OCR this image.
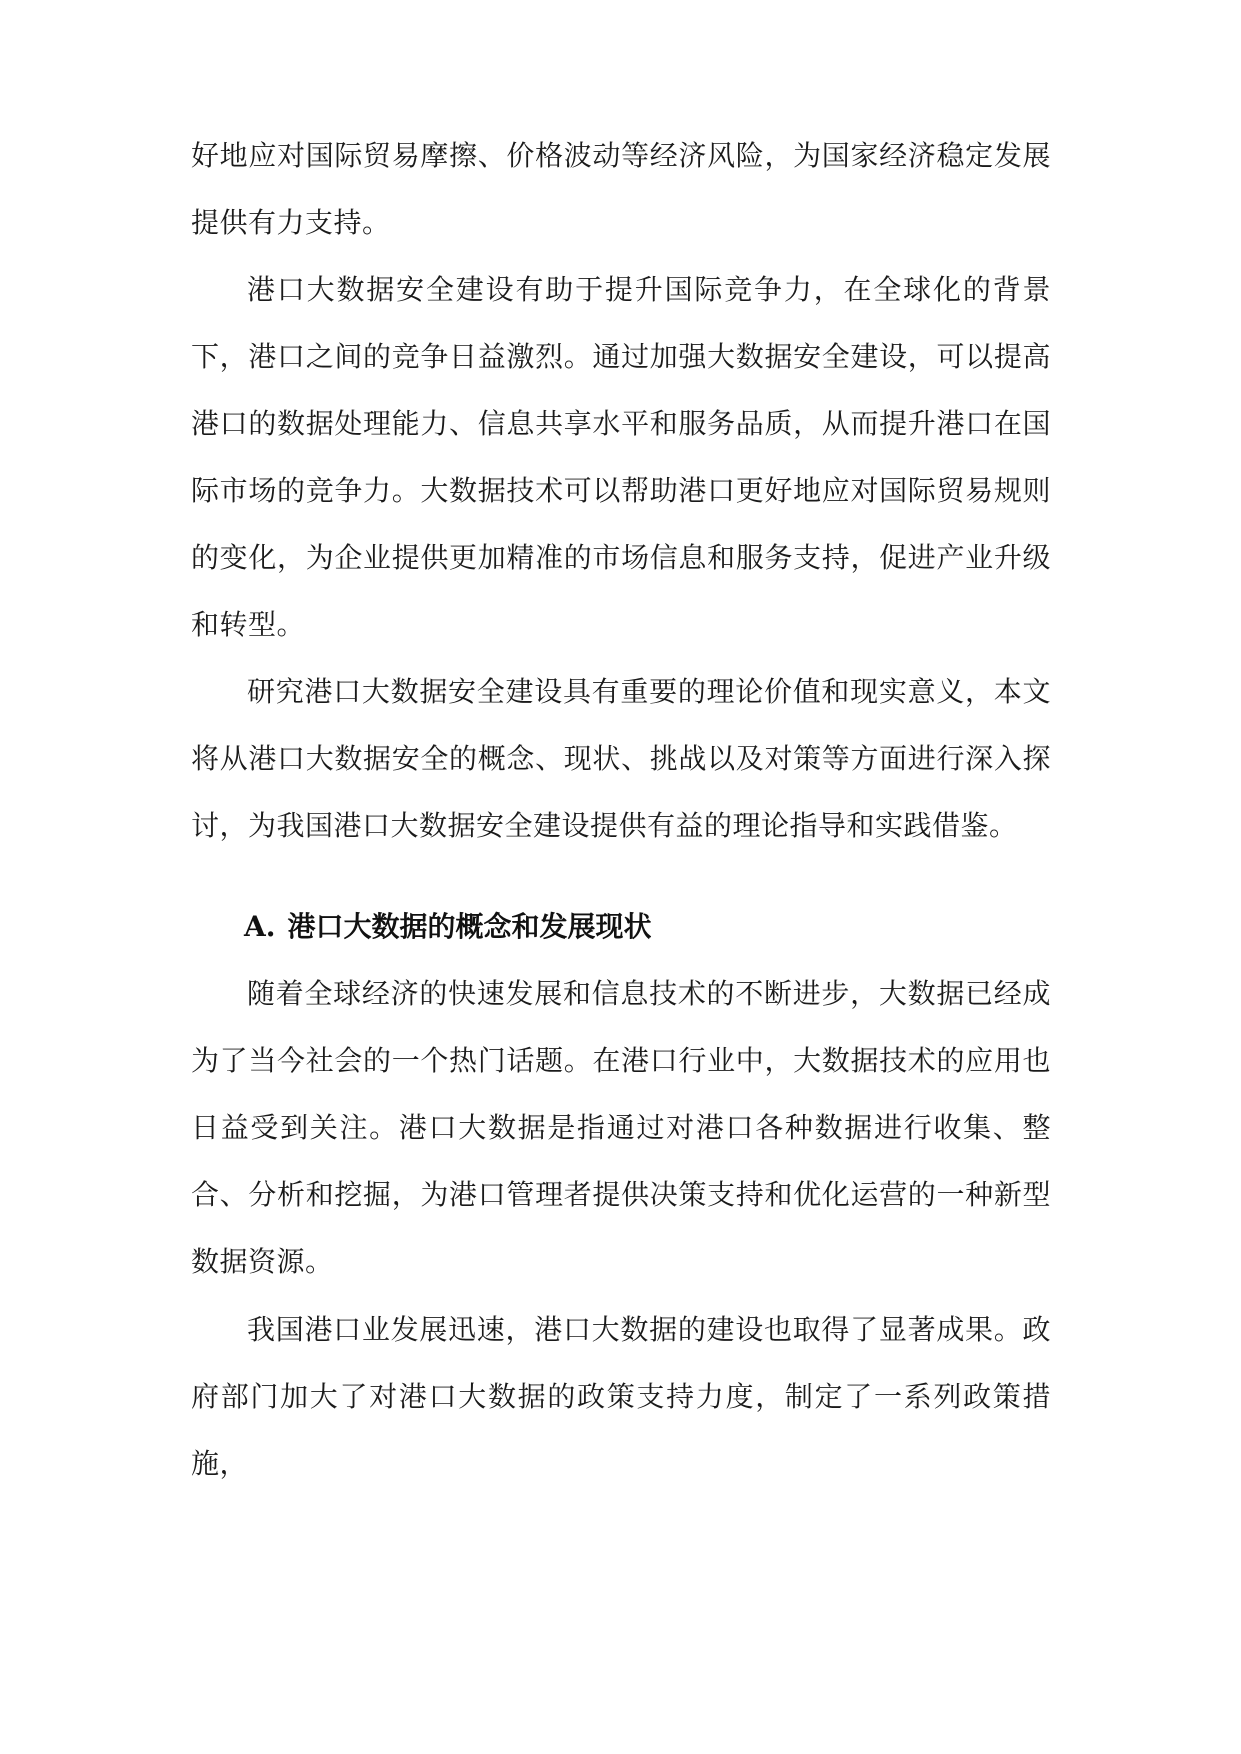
好地应对国际贸易摩擦、价格波动等经济风险，为国家经济稳定发展提供有力支持。

港口大数据安全建设有助于提升国际竞争力，在全球化的背景下，港口之间的竞争日益激烈。通过加强大数据安全建设，可以提高港口的数据处理能力、信息共享水平和服务品质，从而提升港口在国际市场的竞争力。大数据技术可以帮助港口更好地应对国际贸易规则的变化，为企业提供更加精准的市场信息和服务支持，促进产业升级和转型。

研究港口大数据安全建设具有重要的理论价值和现实意义，本文将从港口大数据安全的概念、现状、挑战以及对策等方面进行深入探讨，为我国港口大数据安全建设提供有益的理论指导和实践借鉴。

A. 港口大数据的概念和发展现状

随着全球经济的快速发展和信息技术的不断进步，大数据已经成为了当今社会的一个热门话题。在港口行业中，大数据技术的应用也日益受到关注。港口大数据是指通过对港口各种数据进行收集、整合、分析和挖掘，为港口管理者提供决策支持和优化运营的一种新型数据资源。

我国港口业发展迅速，港口大数据的建设也取得了显著成果。政府部门加大了对港口大数据的政策支持力度，制定了一系列政策措施，
